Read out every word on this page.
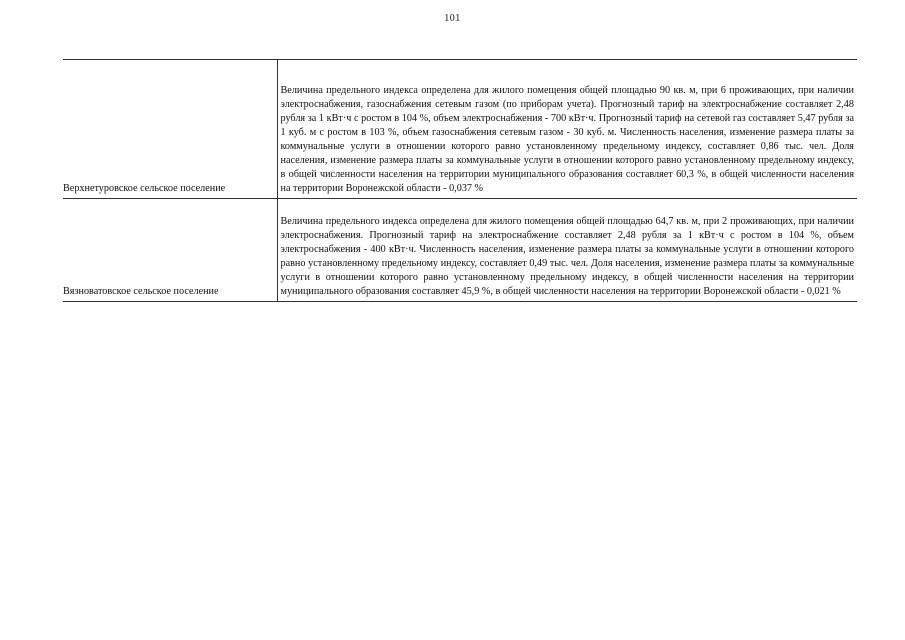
101
Верхнетуровское сельское поселение	Величина предельного индекса определена для жилого помещения общей площадью 90 кв. м, при 6 проживающих, при наличии электроснабжения, газоснабжения сетевым газом (по приборам учета). Прогнозный тариф на электроснабжение составляет 2,48 рубля за 1 кВт·ч с ростом в 104 %, объем электроснабжения - 700 кВт·ч. Прогнозный тариф на сетевой газ составляет 5,47 рубля за 1 куб. м с ростом в 103 %, объем газоснабжения сетевым газом - 30 куб. м. Численность населения, изменение размера платы за коммунальные услуги в отношении которого равно установленному предельному индексу, составляет 0,86 тыс. чел. Доля населения, изменение размера платы за коммунальные услуги в отношении которого равно установленному предельному индексу, в общей численности населения на территории муниципального образования составляет 60,3 %, в общей численности населения на территории Воронежской области - 0,037 %
Вязноватовское сельское поселение	Величина предельного индекса определена для жилого помещения общей площадью 64,7 кв. м, при 2 проживающих, при наличии электроснабжения. Прогнозный тариф на электроснабжение составляет 2,48 рубля за 1 кВт·ч с ростом в 104 %, объем электроснабжения - 400 кВт·ч. Численность населения, изменение размера платы за коммунальные услуги в отношении которого равно установленному предельному индексу, составляет 0,49 тыс. чел. Доля населения, изменение размера платы за коммунальные услуги в отношении которого равно установленному предельному индексу, в общей численности населения на территории муниципального образования составляет 45,9 %, в общей численности населения на территории Воронежской области - 0,021 %
